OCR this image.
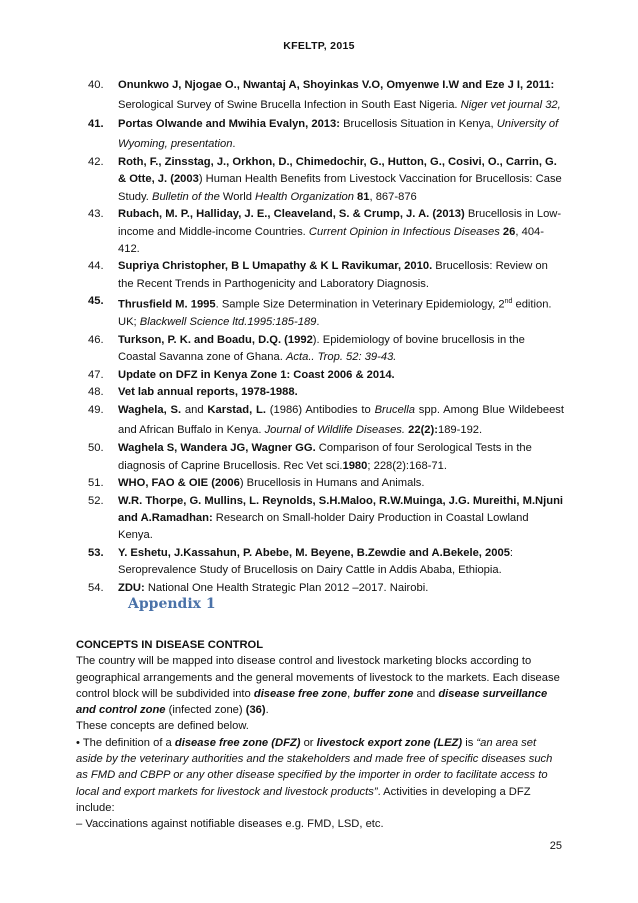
KFELTP, 2015
40.	Onunkwo J, Njogae O., Nwantaj A, Shoyinkas V.O, Omyenwe I.W and Eze J I, 2011: Serological Survey of Swine Brucella Infection in South East Nigeria. Niger vet journal 32,
41.	Portas Olwande and Mwihia Evalyn, 2013: Brucellosis Situation in Kenya, University of Wyoming, presentation.
42.	Roth, F., Zinsstag, J., Orkhon, D., Chimedochir, G., Hutton, G., Cosivi, O., Carrin, G. & Otte, J. (2003) Human Health Benefits from Livestock Vaccination for Brucellosis: Case Study. Bulletin of the World Health Organization 81, 867-876
43.	Rubach, M. P., Halliday, J. E., Cleaveland, S. & Crump, J. A. (2013) Brucellosis in Low-income and Middle-income Countries. Current Opinion in Infectious Diseases 26, 404-412.
44.	Supriya Christopher, B L Umapathy & K L Ravikumar, 2010. Brucellosis: Review on the Recent Trends in Parthogenicity and Laboratory Diagnosis.
45.	Thrusfield M. 1995. Sample Size Determination in Veterinary Epidemiology, 2nd edition. UK; Blackwell Science ltd.1995:185-189.
46.	Turkson, P. K. and Boadu, D.Q. (1992). Epidemiology of bovine brucellosis in the Coastal Savanna zone of Ghana. Acta.. Trop. 52: 39-43.
47.	Update on DFZ in Kenya Zone 1: Coast 2006 & 2014.
48.	Vet lab annual reports, 1978-1988.
49.	Waghela, S. and Karstad, L. (1986) Antibodies to Brucella spp. Among Blue Wildebeest and African Buffalo in Kenya. Journal of Wildlife Diseases. 22(2):189-192.
50.	Waghela S, Wandera JG, Wagner GG. Comparison of four Serological Tests in the diagnosis of Caprine Brucellosis. Rec Vet sci.1980; 228(2):168-71.
51.	WHO, FAO & OIE (2006) Brucellosis in Humans and Animals.
52.	W.R. Thorpe, G. Mullins, L. Reynolds, S.H.Maloo, R.W.Muinga, J.G. Mureithi, M.Njuni and A.Ramadhan: Research on Small-holder Dairy Production in Coastal Lowland Kenya.
53.	Y. Eshetu, J.Kassahun, P. Abebe, M. Beyene, B.Zewdie and A.Bekele, 2005: Seroprevalence Study of Brucellosis on Dairy Cattle in Addis Ababa, Ethiopia.
54.	ZDU: National One Health Strategic Plan 2012 –2017. Nairobi.
Appendix 1

CONCEPTS IN DISEASE CONTROL

The country will be mapped into disease control and livestock marketing blocks according to geographical arrangements and the general movements of livestock to the markets. Each disease control block will be subdivided into disease free zone, buffer zone and disease surveillance and control zone (infected zone) (36).

These concepts are defined below.

• The definition of a disease free zone (DFZ) or livestock export zone (LEZ) is “an area set aside by the veterinary authorities and the stakeholders and made free of specific diseases such as FMD and CBPP or any other disease specified by the importer in order to facilitate access to local and export markets for livestock and livestock products”. Activities in developing a DFZ include:

– Vaccinations against notifiable diseases e.g. FMD, LSD, etc.

25
